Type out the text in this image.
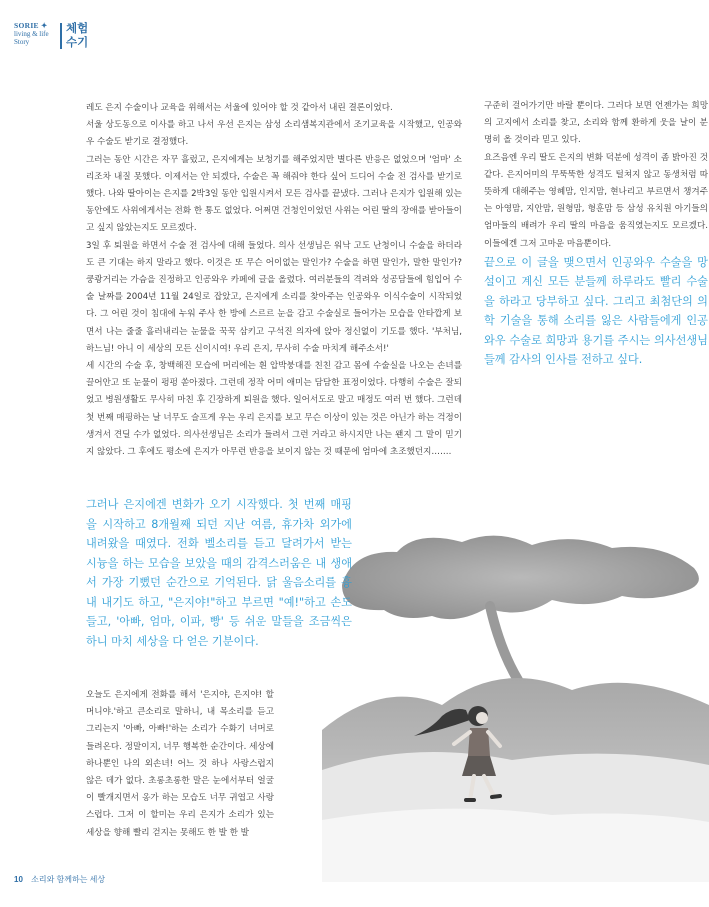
SORIE ✦
living & life
Story
체험
수기

레도 은지 수술이나 교육을 위해서는 서울에 있어야 할 것 같아서 내린 결론이었다.

서울 상도동으로 이사를 하고 나서 우선 은지는 삼성 소리샘복지관에서 조기교육을 시작했고, 인공와우 수술도 받기로 결정했다.

그러는 동안 시간은 자꾸 흘렀고, 은지에게는 보청기를 해주었지만 별다른 반응은 없었으며 '엄마' 소리조차 내질 못했다. 이제서는 안 되겠다, 수술은 꼭 해줘야 한다 싶어 드디어 수술 전 검사를 받기로 했다. 나와 딸아이는 은지를 2박3일 동안 입원시켜서 모든 검사를 끝냈다. 그러나 은지가 입원해 있는 동안에도 사위에게서는 전화 한 통도 없었다. 어쩌면 건청인이었던 사위는 어린 딸의 장애를 받아들이고 싶지 않았는지도 모르겠다.

3일 후 퇴원을 하면서 수술 전 검사에 대해 들었다. 의사 선생님은 워낙 고도 난청이니 수술을 하더라도 큰 기대는 하지 말라고 했다. 이것은 또 무슨 어이없는 말인가? 수술을 하면 말인가, 말한 말인가? 쿵쾅거리는 가슴을 진정하고 인공와우 카페에 글을 올렸다. 여러분들의 격려와 성공담들에 힘입어 수술 날짜를 2004년 11월 24일로 잡았고, 은지에게 소리를 찾아주는 인공와우 이식수술이 시작되었다. 그 어린 것이 침대에 누워 주사 한 방에 스르르 눈을 감고 수술실로 들어가는 모습을 안타깝게 보면서 나는 줄줄 흘러내리는 눈물을 꾹꾹 삼키고 구석진 의자에 앉아 정신없이 기도를 했다. '부처님, 하느님! 아니 이 세상의 모든 신이시여! 우리 은지, 무사히 수술 마치게 해주소서!'

세 시간의 수술 후, 창백해진 모습에 머리에는 흰 압박붕대를 친친 감고 몸에 수술실을 나오는 손녀를 끌어안고 또 눈물이 펑펑 쏟아졌다. 그런데 정작 어미 애미는 담담한 표정이었다. 다행히 수술은 잘되었고 병원생활도 무사히 마친 후 긴장하게 퇴원을 했다. 일어서도로 말고 매정도 여러 번 했다. 그런데 첫 번째 매핑하는 날 너무도 슬프게 우는 우리 은지를 보고 무슨 이상이 있는 것은 아닌가 하는 걱정이 생겨서 견딜 수가 없었다. 의사선생님은 소리가 들려서 그런 거라고 하시지만 나는 왠지 그 말이 믿기지 않았다. 그 후에도 평소에 은지가 아무런 반응을 보이지 않는 것 때문에 엄마에 초조했던지…….

그러나 은지에겐 변화가 오기 시작했다. 첫 번째 매핑을 시작하고 8개월째 되던 지난 여름, 휴가차 외가에 내려왔을 때였다. 전화 벨소리를 듣고 달려가서 받는 시늉을 하는 모습을 보았을 때의 감격스러움은 내 생애서 가장 기뻤던 순간으로 기억된다. 닭 울음소리를 흉내 내기도 하고, "은지야!"하고 부르면 "예!"하고 손도 들고, '아빠, 엄마, 이파, 빵' 등 쉬운 말들을 조금씩은 하니 마치 세상을 다 얻은 기분이다.

오늘도 은지에게 전화를 해서 '은지야, 은지야! 할머니야.'하고 큰소리로 말하니, 내 목소리를 듣고 그리는지 '아빠, 아빠!'하는 소리가 수화기 너머로 들려온다. 정말이지, 너무 행복한 순간이다. 세상에 하나뿐인 나의 외손녀! 어느 것 하나 사랑스럽지 않은 데가 없다. 초롱초롱한 말은 눈에서부터 얼굴이 빨개지면서 옹가 하는 모습도 너무 귀엽고 사랑스럽다. 그저 이 할미는 우리 은지가 소리가 있는 세상을 향해 빨리 걷지는 못해도 한 발 한 발

구준히 걸어가기만 바랄 뿐이다. 그러다 보면 언젠가는 희망의 고지에서 소리를 찾고, 소리와 함께 환하게 웃을 날이 분명히 올 것이라 믿고 있다.

요즈음엔 우리 딸도 은지의 변화 덕분에 성격이 좀 밝아진 것 같다. 은지어미의 무뚝뚝한 성격도 털쳐지 않고 동생처럼 따뜻하게 대해주는 영혜맘, 인지맘, 현나리고 부르면서 챙겨주는 아영맘, 지안맘, 원형맘, 형훈맘 등 삼성 유치원 아기들의 엄마들의 배려가 우리 딸의 마음을 움직였는지도 모르겠다. 이들에겐 그저 고마운 마음뿐이다.

끝으로 이 글을 맺으면서 인공와우 수술을 망설이고 계신 모든 분들께 하루라도 빨리 수술을 하라고 당부하고 싶다. 그리고 최첨단의 의학 기술을 통해 소리를 잃은 사람들에게 인공와우 수술로 희망과 용기를 주시는 의사선생님들께 감사의 인사를 전하고 싶다.

10 소리와 함께하는 세상
